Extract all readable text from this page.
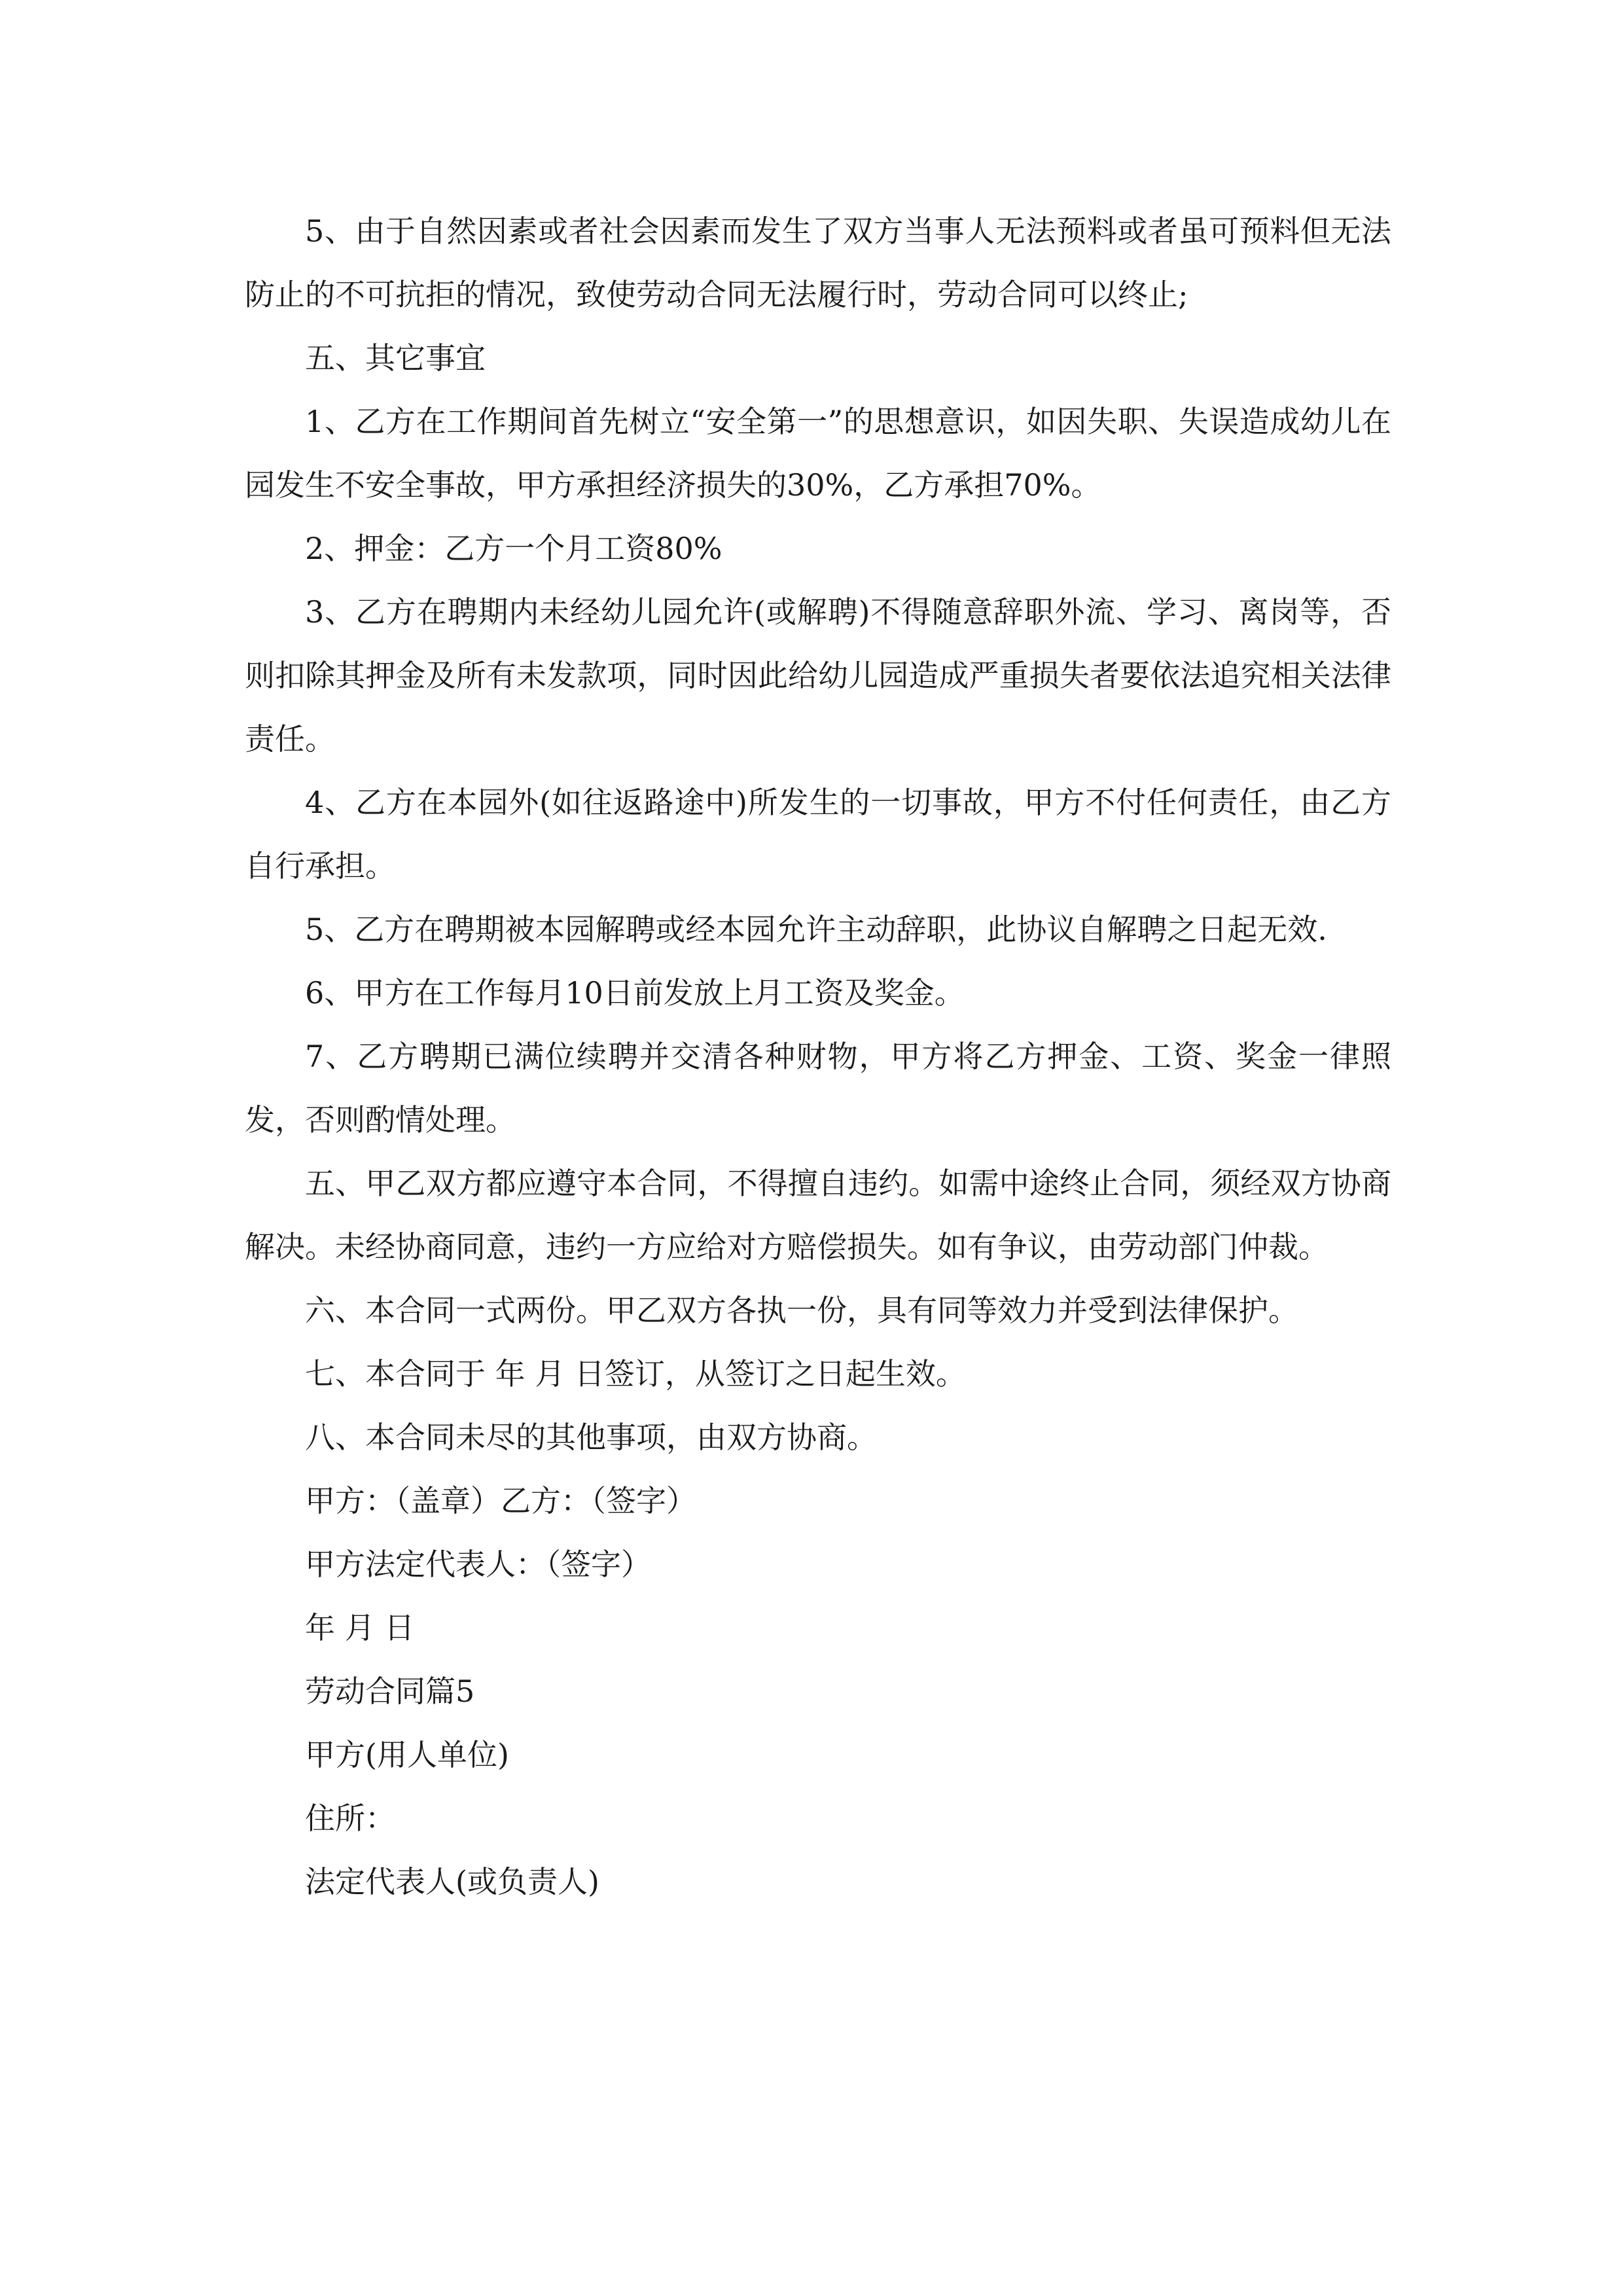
5、由于自然因素或者社会因素而发生了双方当事人无法预料或者虽可预料但无法防止的不可抗拒的情况，致使劳动合同无法履行时，劳动合同可以终止;

五、其它事宜

1、乙方在工作期间首先树立“安全第一”的思想意识，如因失职、失误造成幼儿在园发生不安全事故，甲方承担经济损失的30%，乙方承担70%。

2、押金：乙方一个月工资80%

3、乙方在聘期内未经幼儿园允许(或解聘)不得随意辞职外流、学习、离岗等，否则扣除其押金及所有未发款项，同时因此给幼儿园造成严重损失者要依法追究相关法律责任。

4、乙方在本园外(如往返路途中)所发生的一切事故，甲方不付任何责任，由乙方自行承担。

5、乙方在聘期被本园解聘或经本园允许主动辞职，此协议自解聘之日起无效.

6、甲方在工作每月10日前发放上月工资及奖金。

7、乙方聘期已满位续聘并交清各种财物，甲方将乙方押金、工资、奖金一律照发，否则酌情处理。

五、甲乙双方都应遵守本合同，不得擅自违约。如需中途终止合同，须经双方协商解决。未经协商同意，违约一方应给对方赔偿损失。如有争议，由劳动部门仲裁。

六、本合同一式两份。甲乙双方各执一份，具有同等效力并受到法律保护。

七、本合同于 年 月 日签订，从签订之日起生效。

八、本合同未尽的其他事项，由双方协商。

甲方：（盖章）乙方：（签字）

甲方法定代表人：（签字）

年 月 日

劳动合同篇5

甲方(用人单位)

住所：

法定代表人(或负责人)
